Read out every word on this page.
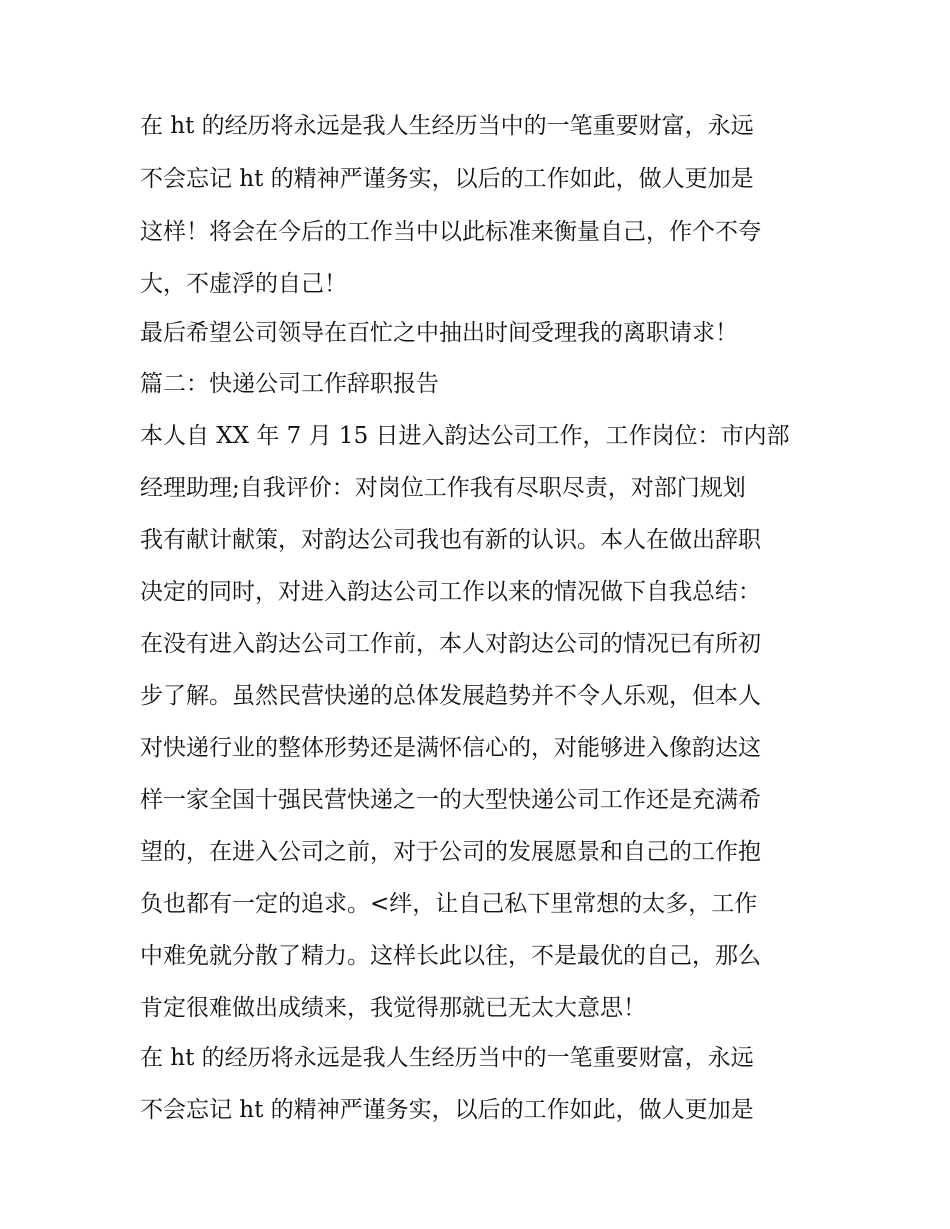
在 ht 的经历将永远是我人生经历当中的一笔重要财富，永远
不会忘记 ht 的精神严谨务实，以后的工作如此，做人更加是
这样！将会在今后的工作当中以此标准来衡量自己，作个不夸
大，不虚浮的自己！
最后希望公司领导在百忙之中抽出时间受理我的离职请求！
篇二：快递公司工作辞职报告
本人自 XX 年 7 月 15 日进入韵达公司工作，工作岗位：市内部
经理助理;自我评价：对岗位工作我有尽职尽责，对部门规划
我有献计献策，对韵达公司我也有新的认识。本人在做出辞职
决定的同时，对进入韵达公司工作以来的情况做下自我总结：
在没有进入韵达公司工作前，本人对韵达公司的情况已有所初
步了解。虽然民营快递的总体发展趋势并不令人乐观，但本人
对快递行业的整体形势还是满怀信心的，对能够进入像韵达这
样一家全国十强民营快递之一的大型快递公司工作还是充满希
望的，在进入公司之前，对于公司的发展愿景和自己的工作抱
负也都有一定的追求。<绊，让自己私下里常想的太多，工作
中难免就分散了精力。这样长此以往，不是最优的自己，那么
肯定很难做出成绩来，我觉得那就已无太大意思！
在 ht 的经历将永远是我人生经历当中的一笔重要财富，永远
不会忘记 ht 的精神严谨务实，以后的工作如此，做人更加是
